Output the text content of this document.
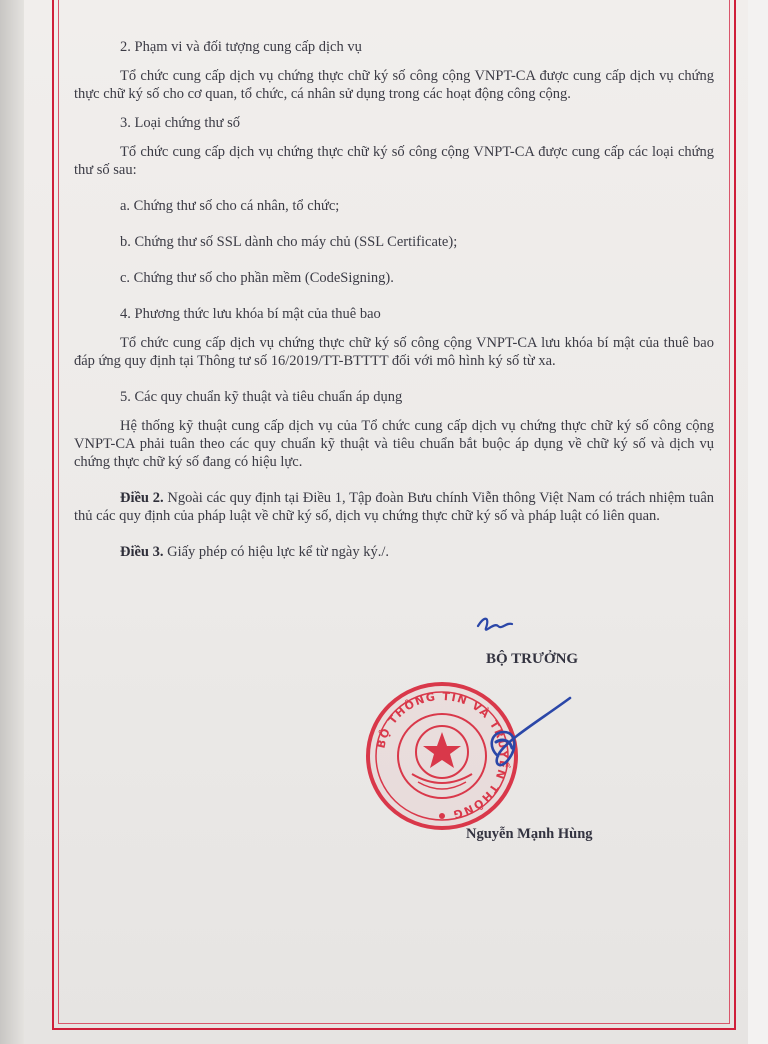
2. Phạm vi và đối tượng cung cấp dịch vụ

Tổ chức cung cấp dịch vụ chứng thực chữ ký số công cộng VNPT-CA được cung cấp dịch vụ chứng thực chữ ký số cho cơ quan, tổ chức, cá nhân sử dụng trong các hoạt động công cộng.

3. Loại chứng thư số

Tổ chức cung cấp dịch vụ chứng thực chữ ký số công cộng VNPT-CA được cung cấp các loại chứng thư số sau:

a. Chứng thư số cho cá nhân, tổ chức;

b. Chứng thư số SSL dành cho máy chủ (SSL Certificate);

c. Chứng thư số cho phần mềm (CodeSigning).

4. Phương thức lưu khóa bí mật của thuê bao

Tổ chức cung cấp dịch vụ chứng thực chữ ký số công cộng VNPT-CA lưu khóa bí mật của thuê bao đáp ứng quy định tại Thông tư số 16/2019/TT-BTTTT đối với mô hình ký số từ xa.

5. Các quy chuẩn kỹ thuật và tiêu chuẩn áp dụng

Hệ thống kỹ thuật cung cấp dịch vụ của Tổ chức cung cấp dịch vụ chứng thực chữ ký số công cộng VNPT-CA phải tuân theo các quy chuẩn kỹ thuật và tiêu chuẩn bắt buộc áp dụng về chữ ký số và dịch vụ chứng thực chữ ký số đang có hiệu lực.

Điều 2. Ngoài các quy định tại Điều 1, Tập đoàn Bưu chính Viễn thông Việt Nam có trách nhiệm tuân thủ các quy định của pháp luật về chữ ký số, dịch vụ chứng thực chữ ký số và pháp luật có liên quan.

Điều 3. Giấy phép có hiệu lực kể từ ngày ký./.

BỘ TRƯỞNG
BỘ THÔNG TIN VÀ TRUYỀN THÔNG
Nguyễn Mạnh Hùng
